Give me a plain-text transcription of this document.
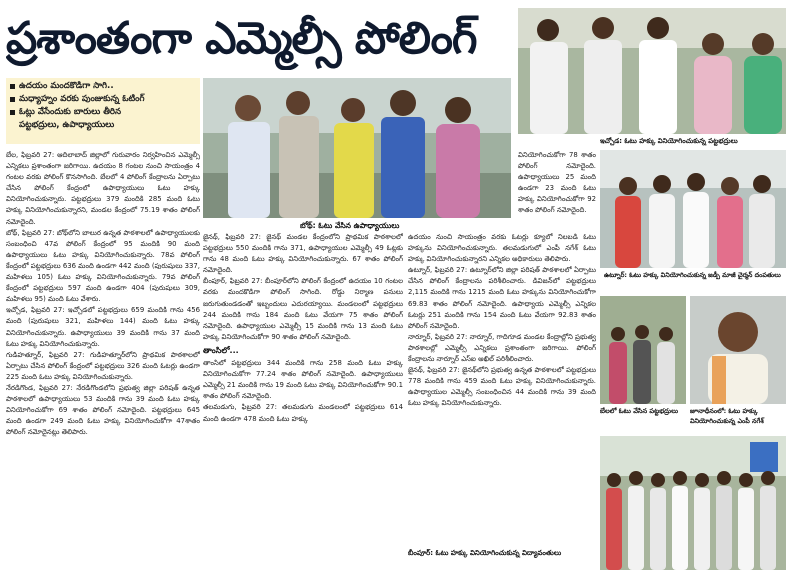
ప్రశాంతంగా ఎమ్మెల్సీ పోలింగ్
ఉదయం మందకొడిగా సాగి..
మధ్యాహ్నం వరకు పుంజుకున్న ఓటింగ్
ఓట్లు వేసేందుకు బారులు తీరిన
పట్టభద్రులు, ఉపాధ్యాయులు
బోథ్: ఓటు వేసిన ఉపాధ్యాయులు
ఇచ్చోడ: ఓటు హక్కు వినియోగించుకున్న పట్టభద్రులు
ఉట్నూర్: ఓటు హక్కు వినియోగించుకున్న జడ్పీ మాజీ చైర్మన్ దంపతులు
బేలలో ఓటు వేసిన పట్టభద్రులు	జూనాధీనంలో: ఓటు హక్కు వినియోగించుకున్న ఎంపీ నగేశ్

బేల, ఫిబ్రవరి 27: ఆదిలాబాద్ జిల్లాలో గురువారం నిర్వహించిన ఎమ్మెల్సీ ఎన్నికలు ప్రశాంతంగా జరిగాయి. ఉదయం 8 గంటల నుంచి సాయంత్రం 4 గంటల వరకు పోలింగ్ కొనసాగింది. బేలలో 4 పోలింగ్ కేంద్రాలను ఏర్పాటు చేసిన పోలింగ్ కేంద్రంలో ఉపాధ్యాయులు ఓటు హక్కు వినియోగించుకున్నారు. పట్టభద్రులు 379 మందికి 285 మంది ఓటు హక్కు వినియోగించుకున్నారని, మండల కేంద్రంలో 75.19 శాతం పోలింగ్ నమోదైంది.

బోథ్, ఫిబ్రవరి 27: బోథ్‌లోని బాలుర ఉన్నత పాఠశాలలో ఉపాధ్యాయులకు సంబంధించి 47వ పోలింగ్ కేంద్రంలో 95 మందికి 90 మంది ఉపాధ్యాయులు ఓటు హక్కు వినియోగించుకున్నారు. 78వ పోలింగ్ కేంద్రంలో పట్టభద్రులు 636 మంది ఉండగా 442 మంది (పురుషులు 337, మహిళలు 105) ఓటు హక్కు వినియోగించుకున్నారు. 79వ పోలింగ్ కేంద్రంలో పట్టభద్రులు 597 మంది ఉండగా 404 (పురుషులు 309, మహిళలు 95) మంది ఓటు వేశారు.

ఇచ్చోడ, ఫిబ్రవరి 27: ఇచ్చోడలో పట్టభద్రులు 659 మందికి గాను 456 మంది (పురుషులు 321, మహిళలు 144) మంది ఓటు హక్కు వినియోగించుకున్నారు. ఉపాధ్యాయులు 39 మందికి గాను 37 మంది ఓటు హక్కు వినియోగించుకున్నారు.

గుడిహత్నూర్, ఫిబ్రవరి 27: గుడిహత్నూర్‌లోని ప్రాథమిక పాఠశాలలో ఏర్పాటు చేసిన పోలింగ్ కేంద్రంలో పట్టభద్రులు 326 మంది ఓటర్లు ఉండగా 225 మంది ఓటు హక్కు వినియోగించుకున్నారు.

నేరడిగొండ, ఫిబ్రవరి 27: నేరడిగొండలోని ప్రభుత్వ జిల్లా పరిషత్ ఉన్నత పాఠశాలలో ఉపాధ్యాయులు 53 మందికి గాను 39 మంది ఓటు హక్కు వినియోగించుకోగా 69 శాతం పోలింగ్ నమోదైంది. పట్టభద్రులు 645 మంది ఉండగా 249 మంది ఓటు హక్కు వినియోగించుకోగా 47శాతం పోలింగ్ నమోదైనట్లు తెలిపారు.

జైనథ్, ఫిబ్రవరి 27: జైనథ్ మండల కేంద్రంలోని ప్రాథమిక పాఠశాలలో పట్టభద్రులు 550 మందికి గాను 371, ఉపాధ్యాయుల ఎమ్మెల్సీ 49 ఓట్లకు గాను 48 మంది ఓటు హక్కు వినియోగించుకున్నారు. 67 శాతం పోలింగ్ నమోదైంది.

బీంపూర్, ఫిబ్రవరి 27: బీంపూర్‌లోని పోలింగ్ కేంద్రంలో ఉదయం 10 గంటల వరకు మందకొడిగా పోలింగ్ సాగింది. రోడ్డు నిర్మాణ పనులు జరుగుతుండడంతో ఇబ్బందులు ఎదురయ్యాయి. మండలంలో పట్టభద్రులు 244 మందికి గాను 184 మంది ఓటు వేయగా 75 శాతం పోలింగ్ నమోదైంది. ఉపాధ్యాయుల ఎమ్మెల్సీ 15 మందికి గాను 13 మంది ఓటు హక్కు వినియోగించుకోగా 90 శాతం పోలింగ్ నమోదైంది.

తాంసిలో...

తాంసిలో పట్టభద్రులు 344 మందికి గాను 258 మంది ఓటు హక్కు వినియోగించుకోగా 77.24 శాతం పోలింగ్ నమోదైంది. ఉపాధ్యాయులు ఎమ్మెల్సీ 21 మందికి గాను 19 మంది ఓటు హక్కు వినియోగించుకోగా 90.1 శాతం పోలింగ్ నమోదైంది.

తలమడుగు, ఫిబ్రవరి 27: తలమడుగు మండలంలో పట్టభద్రులు 614 మంది ఉండగా 478 మంది ఓటు హక్కు

ఉదయం నుంచి సాయంత్రం వరకు ఓటర్లు క్యూలో నిలబడి ఓటు హక్కును వినియోగించుకున్నారు. తలమడుగులో ఎంపీ నగేశ్ ఓటు హక్కు వినియోగించుకున్నారని ఎన్నికల అధికారులు తెలిపారు.

ఉట్నూర్, ఫిబ్రవరి 27: ఉట్నూర్‌లోని జిల్లా పరిషత్ పాఠశాలలో ఏర్పాటు చేసిన పోలింగ్ కేంద్రాలను పరిశీలించారు. డివిజన్‌లో పట్టభద్రులు 2,115 మందికి గాను 1215 మంది ఓటు హక్కును వినియోగించుకోగా 69.83 శాతం పోలింగ్ నమోదైంది. ఉపాధ్యాయ ఎమ్మెల్సీ ఎన్నికల ఓటర్లు 251 మందికి గాను 154 మంది ఓటు వేయగా 92.83 శాతం పోలింగ్ నమోదైంది.

నార్నూర్, ఫిబ్రవరి 27: నార్నూర్, గాదిగూడ మండల కేంద్రాల్లోని ప్రభుత్వ పాఠశాలల్లో ఎమ్మెల్సీ ఎన్నికలు ప్రశాంతంగా జరిగాయి. పోలింగ్ కేంద్రాలను నార్నూర్ ఎస్ఐ అఖిల్ పరిశీలించారు.

జైనథ్, ఫిబ్రవరి 27: జైనథ్‌లోని ప్రభుత్వ ఉన్నత పాఠశాలలో పట్టభద్రులు 778 మందికి గాను 459 మంది ఓటు హక్కు వినియోగించుకున్నారు. ఉపాధ్యాయుల ఎమ్మెల్సీ సంబంధించిన 44 మందికి గాను 39 మంది ఓటు హక్కు వినియోగించుకున్నారు.

వినియోగించుకోగా 78 శాతం పోలింగ్ నమోదైంది. ఉపాధ్యాయులు 25 మంది ఉండగా 23 మంది ఓటు హక్కు వినియోగించుకోగా 92 శాతం పోలింగ్ నమోదైంది.

బీంపూర్: ఓటు హక్కు వినియోగించుకున్న విద్యావంతులు
